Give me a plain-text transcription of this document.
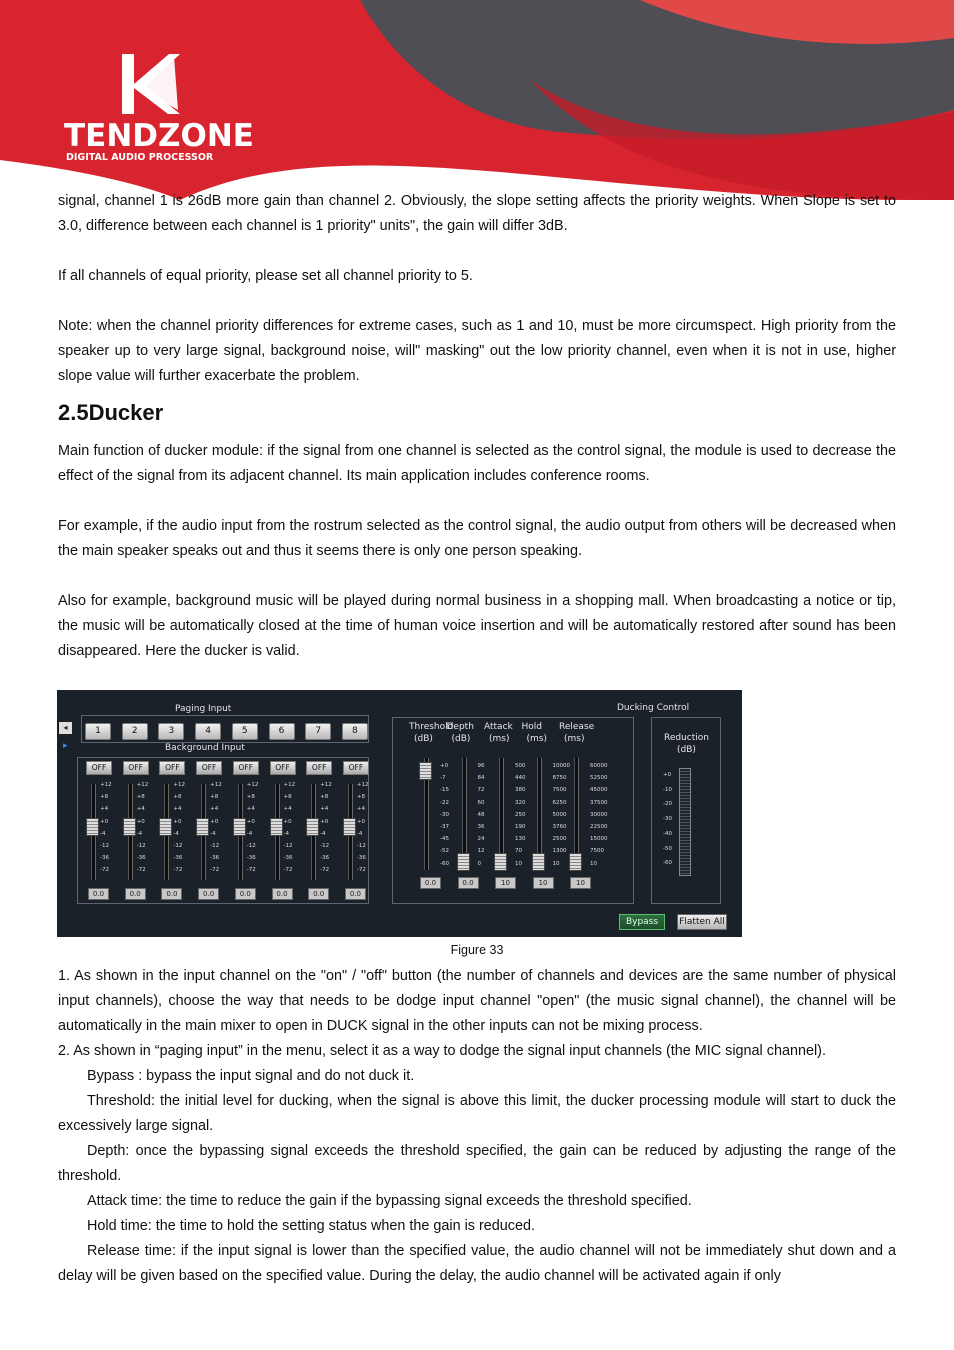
TENDZONE
DIGITAL AUDIO PROCESSOR
signal, channel 1 is 26dB more gain than channel 2. Obviously, the slope setting affects the priority weights. When Slope is set to 3.0, difference between each channel is 1 priority" units", the gain will differ 3dB.
If all channels of equal priority, please set all channel priority to 5.
Note: when the channel priority differences for extreme cases, such as 1 and 10, must be more circumspect. High priority from the speaker up to very large signal, background noise, will" masking" out the low priority channel, even when it is not in use, higher slope value will further exacerbate the problem.
2.5Ducker
Main function of ducker module: if the signal from one channel is selected as the control signal, the module is used to decrease the effect of the signal from its adjacent channel. Its main application includes conference rooms.
For example, if the audio input from the rostrum selected as the control signal, the audio output from others will be decreased when the main speaker speaks out and thus it seems there is only one person speaking.
Also for example, background music will be played during normal business in a shopping mall. When broadcasting a notice or tip, the music will be automatically closed at the time of human voice insertion and will be automatically restored after sound has been disappeared. Here the ducker is valid.
Paging Input
◂
▸	Background Input
1
OFF
+12
+8
+4
+0
-4
-12
-36
-72
0.0
2
OFF
+12
+8
+4
+0
-4
-12
-36
-72
0.0
3
OFF
+12
+8
+4
+0
-4
-12
-36
-72
0.0
4
OFF
+12
+8
+4
+0
-4
-12
-36
-72
0.0
5
OFF
+12
+8
+4
+0
-4
-12
-36
-72
0.0
6
OFF
+12
+8
+4
+0
-4
-12
-36
-72
0.0
7
OFF
+12
+8
+4
+0
-4
-12
-36
-72
0.0
8
OFF
+12
+8
+4
+0
-4
-12
-36
-72
0.0
Ducking Control
Threshold
(dB)
+0
-7
-15
-22
-30
-37
-45
-52
-60
0.0
Depth
(dB)
96
84
72
60
48
36
24
12
0
0.0
Attack
(ms)
500
440
380
320
250
190
130
70
10
10
Hold
(ms)
10000
8750
7500
6250
5000
3760
2500
1300
10
10
Release
(ms)
60000
52500
45000
37500
30000
22500
15000
7500
10
10
Reduction
(dB)
+0
-10
-20
-30
-40
-50
-60
Bypass	Flatten All
Figure 33
1. As shown in the input channel on the "on" / "off" button (the number of channels and devices are the same number of physical input channels), choose the way that needs to be dodge input channel "open" (the music signal channel), the channel will be automatically in the main mixer to open in DUCK signal in the other inputs can not be mixing process.
2. As shown in “paging input” in the menu, select it as a way to dodge the signal input channels (the MIC signal channel).
Bypass : bypass the input signal and do not duck it.
Threshold: the initial level for ducking, when the signal is above this limit, the ducker processing module will start to duck the excessively large signal.
Depth: once the bypassing signal exceeds the threshold specified, the gain can be reduced by adjusting the range of the threshold.
Attack time: the time to reduce the gain if the bypassing signal exceeds the threshold specified.
Hold time: the time to hold the setting status when the gain is reduced.
Release time: if the input signal is lower than the specified value, the audio channel will not be immediately shut down and a delay will be given based on the specified value. During the delay, the audio channel will be activated again if only
